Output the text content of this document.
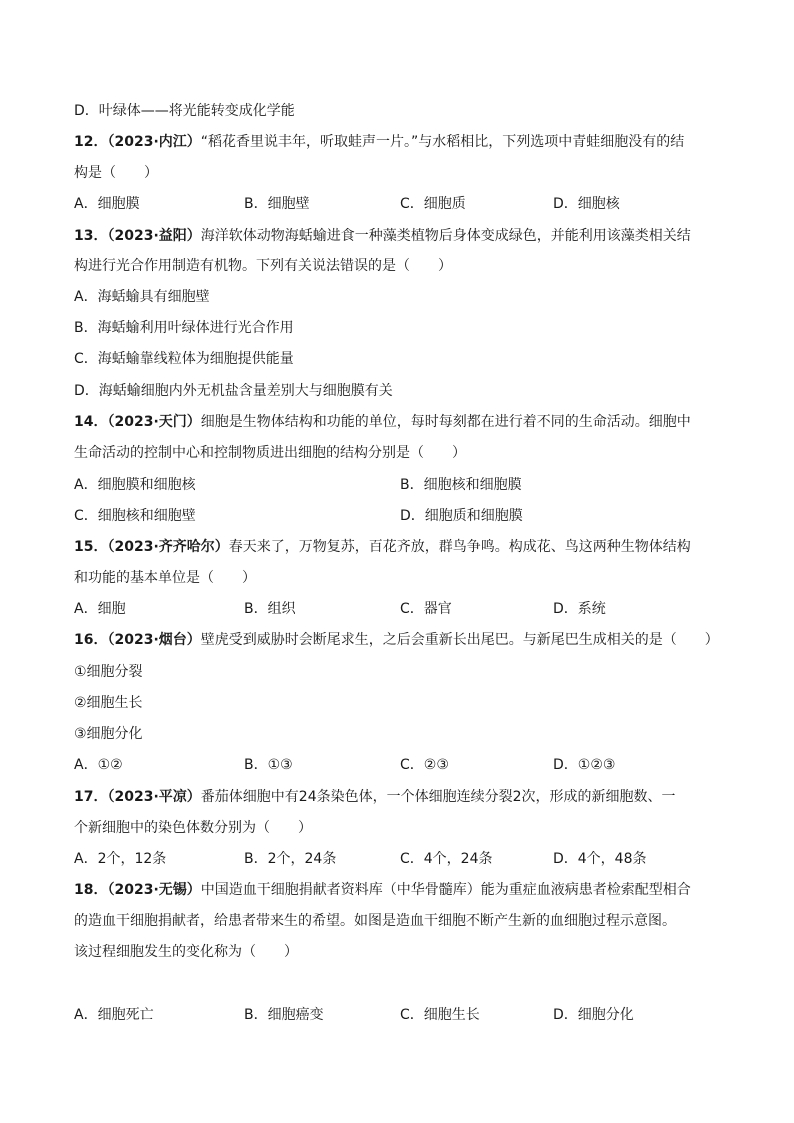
D．叶绿体——将光能转变成化学能
12．（2023·内江）“稻花香里说丰年，听取蛙声一片。”与水稻相比，下列选项中青蛙细胞没有的结
构是（　　）
A．细胞膜	B．细胞壁	C．细胞质	D．细胞核
13．（2023·益阳）海洋软体动物海蛞蝓进食一种藻类植物后身体变成绿色，并能利用该藻类相关结
构进行光合作用制造有机物。下列有关说法错误的是（　　）
A．海蛞蝓具有细胞壁
B．海蛞蝓利用叶绿体进行光合作用
C．海蛞蝓靠线粒体为细胞提供能量
D．海蛞蝓细胞内外无机盐含量差别大与细胞膜有关
14．（2023·天门）细胞是生物体结构和功能的单位，每时每刻都在进行着不同的生命活动。细胞中
生命活动的控制中心和控制物质进出细胞的结构分别是（　　）
A．细胞膜和细胞核	B．细胞核和细胞膜
C．细胞核和细胞壁	D．细胞质和细胞膜
15．（2023·齐齐哈尔）春天来了，万物复苏，百花齐放，群鸟争鸣。构成花、鸟这两种生物体结构
和功能的基本单位是（　　）
A．细胞	B．组织	C．器官	D．系统
16．（2023·烟台）壁虎受到威胁时会断尾求生，之后会重新长出尾巴。与新尾巴生成相关的是（　　）
①细胞分裂
②细胞生长
③细胞分化
A．①②	B．①③	C．②③	D．①②③
17．（2023·平凉）番茄体细胞中有24条染色体，一个体细胞连续分裂2次，形成的新细胞数、一
个新细胞中的染色体数分别为（　　）
A．2个，12条	B．2个，24条	C．4个，24条	D．4个，48条
18．（2023·无锡）中国造血干细胞捐献者资料库（中华骨髓库）能为重症血液病患者检索配型相合
的造血干细胞捐献者，给患者带来生的希望。如图是造血干细胞不断产生新的血细胞过程示意图。
该过程细胞发生的变化称为（　　）
A．细胞死亡	B．细胞癌变	C．细胞生长	D．细胞分化
